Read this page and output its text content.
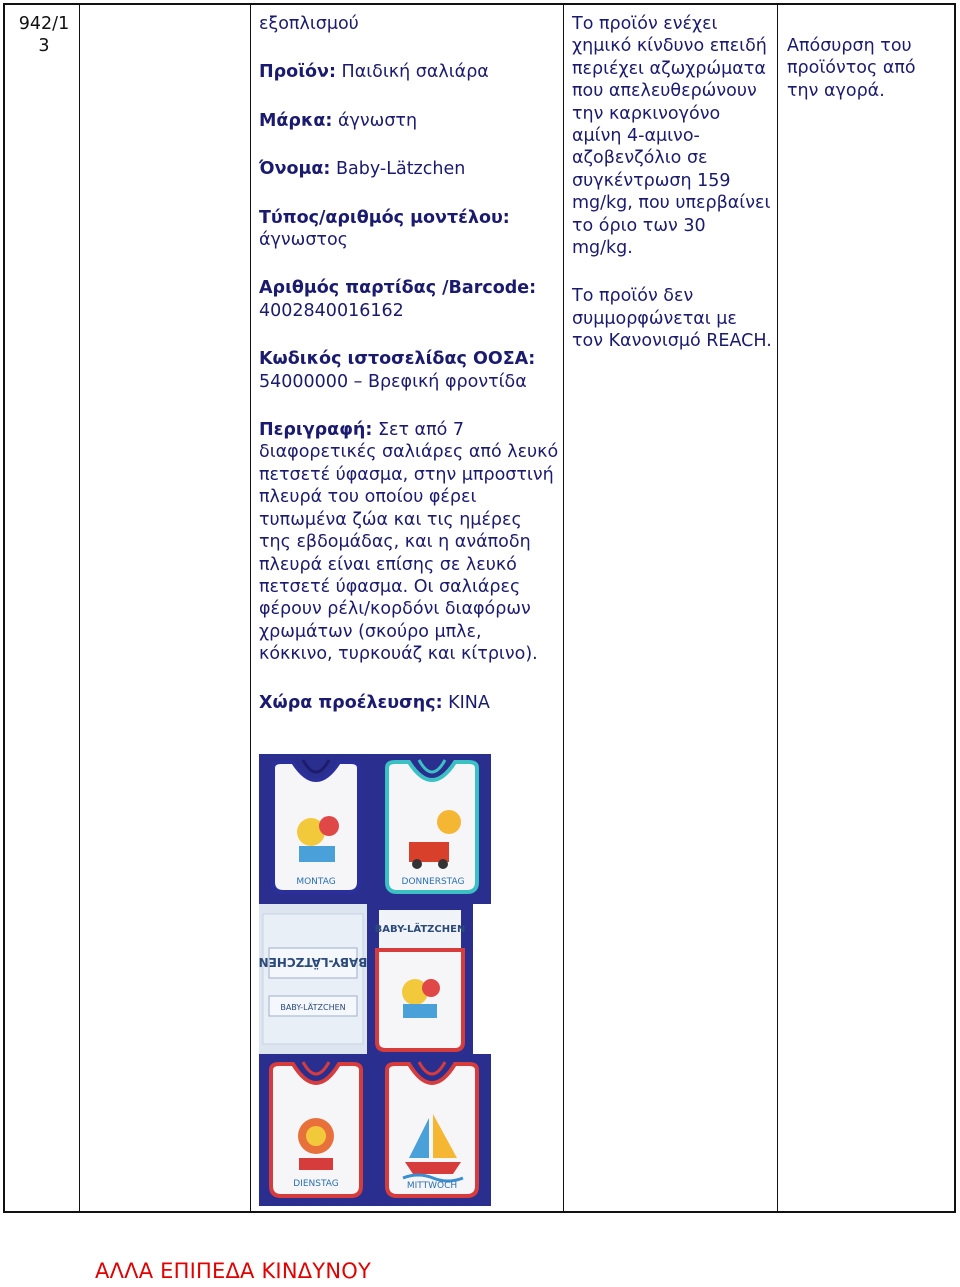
942/1 3

εξοπλισμού

Προϊόν: Παιδική σαλιάρα

Μάρκα: άγνωστη

Όνομα: Baby-Lätzchen

Τύπος/αριθμός μοντέλου: άγνωστος

Αριθμός παρτίδας /Barcode: 4002840016162

Κωδικός ιστοσελίδας ΟΟΣΑ: 54000000 – Βρεφική φροντίδα

Περιγραφή: Σετ από 7 διαφορετικές σαλιάρες από λευκό πετσετέ ύφασμα, στην μπροστινή πλευρά του οποίου φέρει τυπωμένα ζώα και τις ημέρες της εβδομάδας, και η ανάποδη πλευρά είναι επίσης σε λευκό πετσετέ ύφασμα. Οι σαλιάρες φέρουν ρέλι/κορδόνι διαφόρων χρωμάτων (σκούρο μπλε, κόκκινο, τυρκουάζ και κίτρινο).

Χώρα προέλευσης: ΚΙΝΑ

Το προϊόν ενέχει χημικό κίνδυνο επειδή περιέχει αζωχρώματα που απελευθερώνουν την καρκινογόνο αμίνη 4-αμινο-αζοβενζόλιο σε συγκέντρωση 159 mg/kg, που υπερβαίνει το όριο των 30 mg/kg.

Το προϊόν δεν συμμορφώνεται με τον Κανονισμό REACH.

Απόσυρση του προϊόντος από την αγορά.
MONTAG	DONNERSTAG
BABY-LÄTZCHEN
BABY-LÄTZCHEN
BABY-LÄTZCHEN
DIENSTAG	MITTWOCH
ΑΛΛΑ ΕΠΙΠΕΔΑ ΚΙΝΔΥΝΟΥ
